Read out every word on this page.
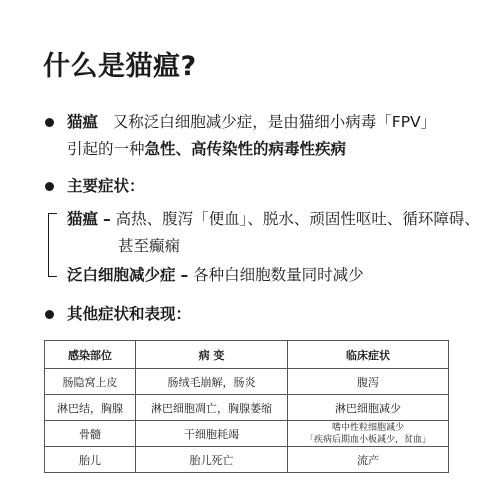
什么是猫瘟?
猫瘟 又称泛白细胞减少症，是由猫细小病毒「FPV」
引起的一种急性、高传染性的病毒性疾病
主要症状：
猫瘟 – 高热、腹泻「便血」、脱水、顽固性呕吐、循环障碍、
甚至癫痫
泛白细胞减少症 – 各种白细胞数量同时减少
其他症状和表现：
感染部位	病 变	临床症状
肠隐窝上皮	肠绒毛崩解，肠炎	腹泻
淋巴结，胸腺	淋巴细胞凋亡，胸腺萎缩	淋巴细胞减少
骨髓	干细胞耗竭	嗜中性粒细胞减少
「疾病后期血小板减少，贫血」

胎儿	胎儿死亡	流产
